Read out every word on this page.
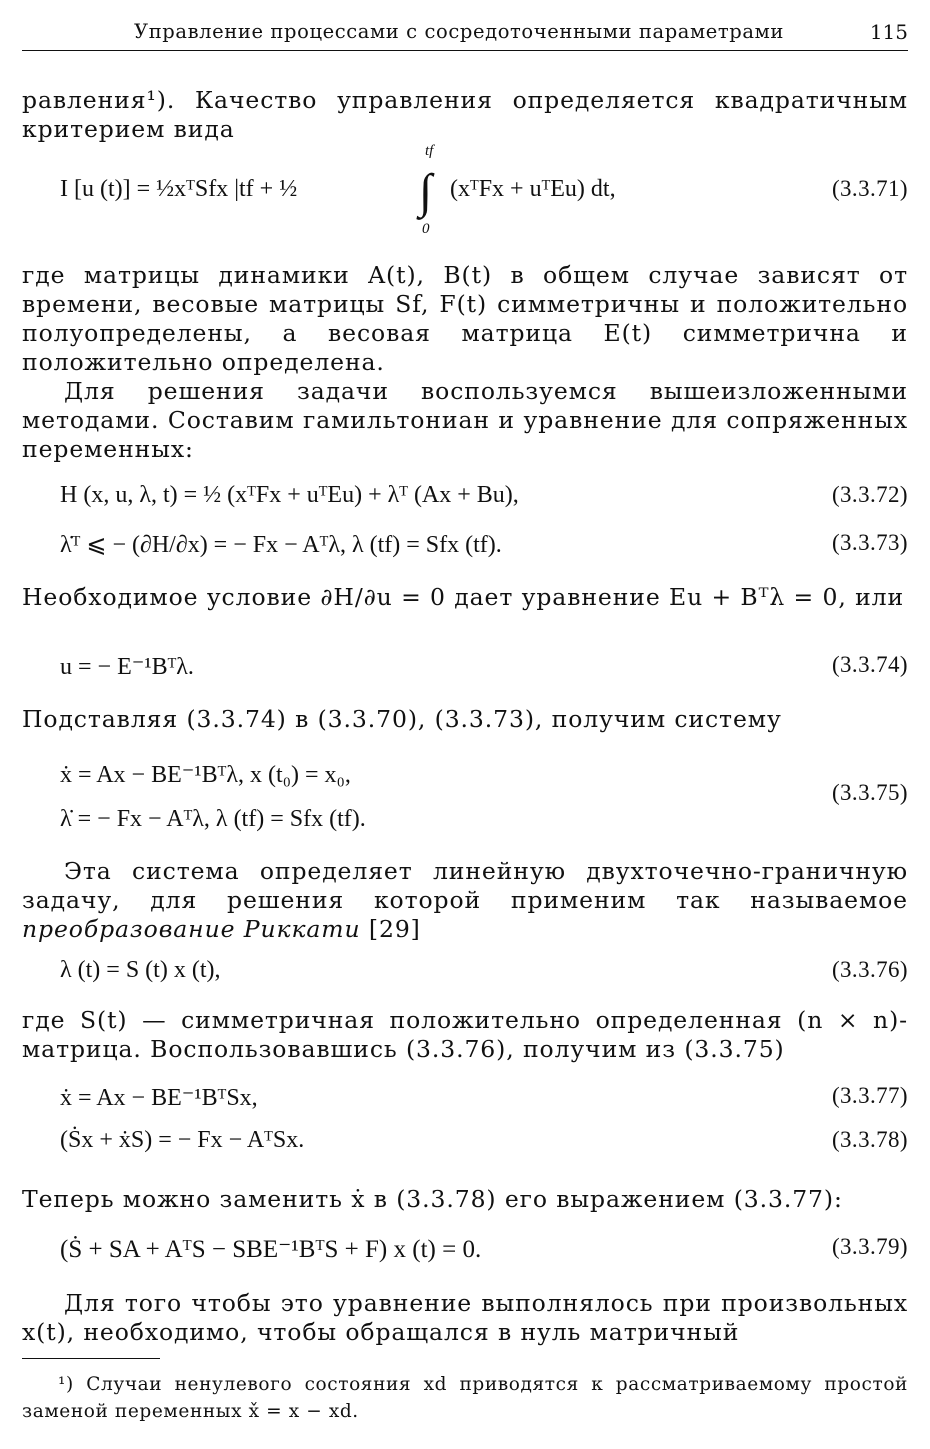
Управление процессами с сосредоточенными параметрами	115

равления¹). Качество управления определяется квадратичным критерием вида

I [u (t)] = ½xᵀSfx |tf + ½	∫
tf
0
(xᵀFx + uᵀEu) dt,	(3.3.71)

где матрицы динамики A(t), B(t) в общем случае зависят от времени, весовые матрицы Sf, F(t) симметричны и положительно полуопределены, а весовая матрица E(t) симметрична и положительно определена.

Для решения задачи воспользуемся вышеизложенными методами. Составим гамильтониан и уравнение для сопряженных переменных:

H (x, u, λ, t) = ½ (xᵀFx + uᵀEu) + λᵀ (Ax + Bu),	(3.3.72)
λ̇ᵀ ⩽ − (∂H/∂x) = − Fx − Aᵀλ, λ (tf) = Sfx (tf).	(3.3.73)

Необходимое условие ∂H/∂u = 0 дает уравнение Eu + Bᵀλ = 0, или

u = − E⁻¹Bᵀλ.	(3.3.74)

Подставляя (3.3.74) в (3.3.70), (3.3.73), получим систему

ẋ = Ax − BE⁻¹Bᵀλ, x (t₀) = x₀,
λ̇ = − Fx − Aᵀλ, λ (tf) = Sfx (tf).
(3.3.75)

Эта система определяет линейную двухточечно-граничную задачу, для решения которой применим так называемое преобразование Риккати [29]

λ (t) = S (t) x (t),	(3.3.76)

где S(t) — симметричная положительно определенная (n × n)-матрица. Воспользовавшись (3.3.76), получим из (3.3.75)

ẋ = Ax − BE⁻¹BᵀSx,	(3.3.77)
(Ṡx + ẋS) = − Fx − AᵀSx.	(3.3.78)

Теперь можно заменить ẋ в (3.3.78) его выражением (3.3.77):

(Ṡ + SA + AᵀS − SBE⁻¹BᵀS + F) x (t) = 0.	(3.3.79)

Для того чтобы это уравнение выполнялось при произвольных x(t), необходимо, чтобы обращался в нуль матричный

¹) Случаи ненулевого состояния xd приводятся к рассматриваемому простой заменой переменных x̌ = x − xd.
